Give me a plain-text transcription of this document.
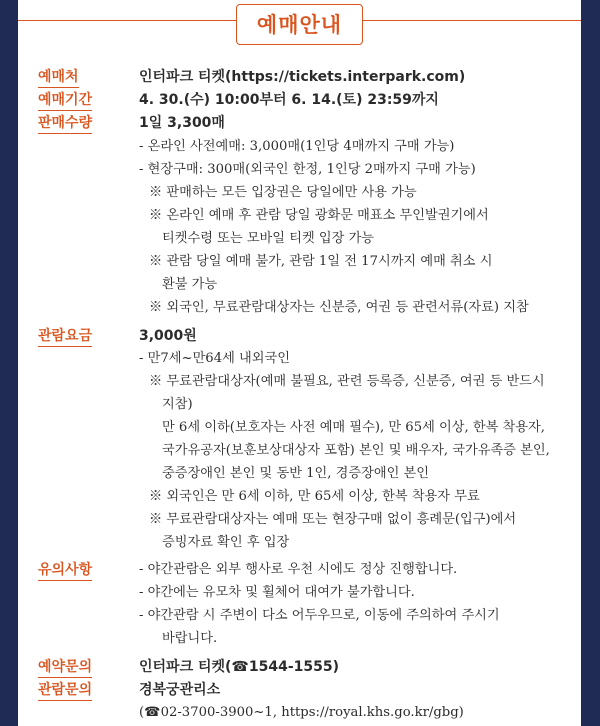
예매안내
예매처	인터파크 티켓(https://tickets.interpark.com)
예매기간	4. 30.(수) 10:00부터 6. 14.(토) 23:59까지
판매수량	1일 3,300매
- 온라인 사전예매: 3,000매(1인당 4매까지 구매 가능)
- 현장구매: 300매(외국인 한정, 1인당 2매까지 구매 가능)
※ 판매하는 모든 입장권은 당일에만 사용 가능
※ 온라인 예매 후 관람 당일 광화문 매표소 무인발권기에서
티켓수령 또는 모바일 티켓 입장 가능
※ 관람 당일 예매 불가, 관람 1일 전 17시까지 예매 취소 시
환불 가능
※ 외국인, 무료관람대상자는 신분증, 여권 등 관련서류(자료) 지참
관람요금	3,000원
- 만7세~만64세 내외국인
※ 무료관람대상자(예매 불필요, 관련 등록증, 신분증, 여권 등 반드시
지참)
만 6세 이하(보호자는 사전 예매 필수), 만 65세 이상, 한복 착용자,
국가유공자(보훈보상대상자 포함) 본인 및 배우자, 국가유족증 본인,
중증장애인 본인 및 동반 1인, 경증장애인 본인
※ 외국인은 만 6세 이하, 만 65세 이상, 한복 착용자 무료
※ 무료관람대상자는 예매 또는 현장구매 없이 흥례문(입구)에서
증빙자료 확인 후 입장
유의사항	- 야간관람은 외부 행사로 우천 시에도 정상 진행합니다.
- 야간에는 유모차 및 휠체어 대여가 불가합니다.
- 야간관람 시 주변이 다소 어두우므로, 이동에 주의하여 주시기
바랍니다.
예약문의	인터파크 티켓(☎1544-1555)
관람문의	경복궁관리소
(☎02-3700-3900~1, https://royal.khs.go.kr/gbg)
